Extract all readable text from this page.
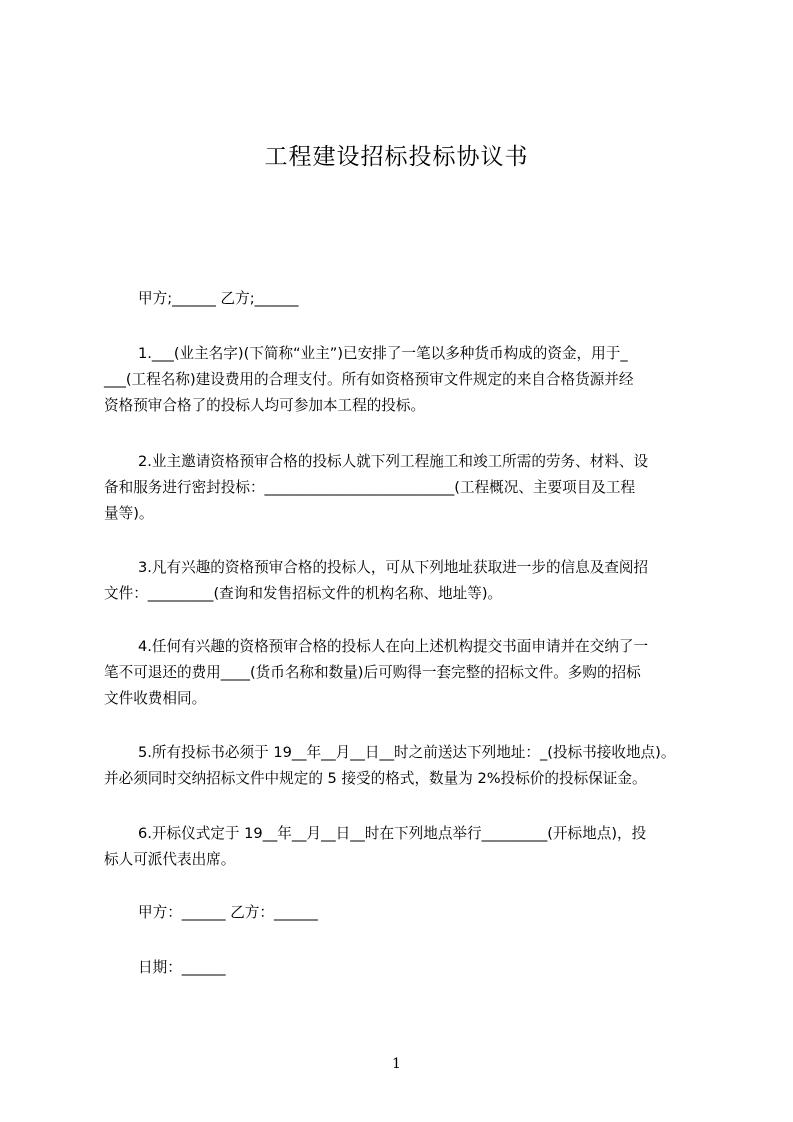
工程建设招标投标协议书
甲方;______ 乙方;______
1.___(业主名字)(下简称“业主”)已安排了一笔以多种货币构成的资金，用于_
___(工程名称)建设费用的合理支付。所有如资格预审文件规定的来自合格货源并经
资格预审合格了的投标人均可参加本工程的投标。
2.业主邀请资格预审合格的投标人就下列工程施工和竣工所需的劳务、材料、设
备和服务进行密封投标：__________________________(工程概况、主要项目及工程
量等)。
3.凡有兴趣的资格预审合格的投标人，可从下列地址获取进一步的信息及查阅招
文件：_________(查询和发售招标文件的机构名称、地址等)。
4.任何有兴趣的资格预审合格的投标人在向上述机构提交书面申请并在交纳了一
笔不可退还的费用____(货币名称和数量)后可购得一套完整的招标文件。多购的招标
文件收费相同。
5.所有投标书必须于 19__年__月__日__时之前送达下列地址：_(投标书接收地点)。
并必须同时交纳招标文件中规定的 5 接受的格式，数量为 2%投标价的投标保证金。
6.开标仪式定于 19__年__月__日__时在下列地点举行_________(开标地点)，投
标人可派代表出席。
甲方：______ 乙方：______
日期：______
1
